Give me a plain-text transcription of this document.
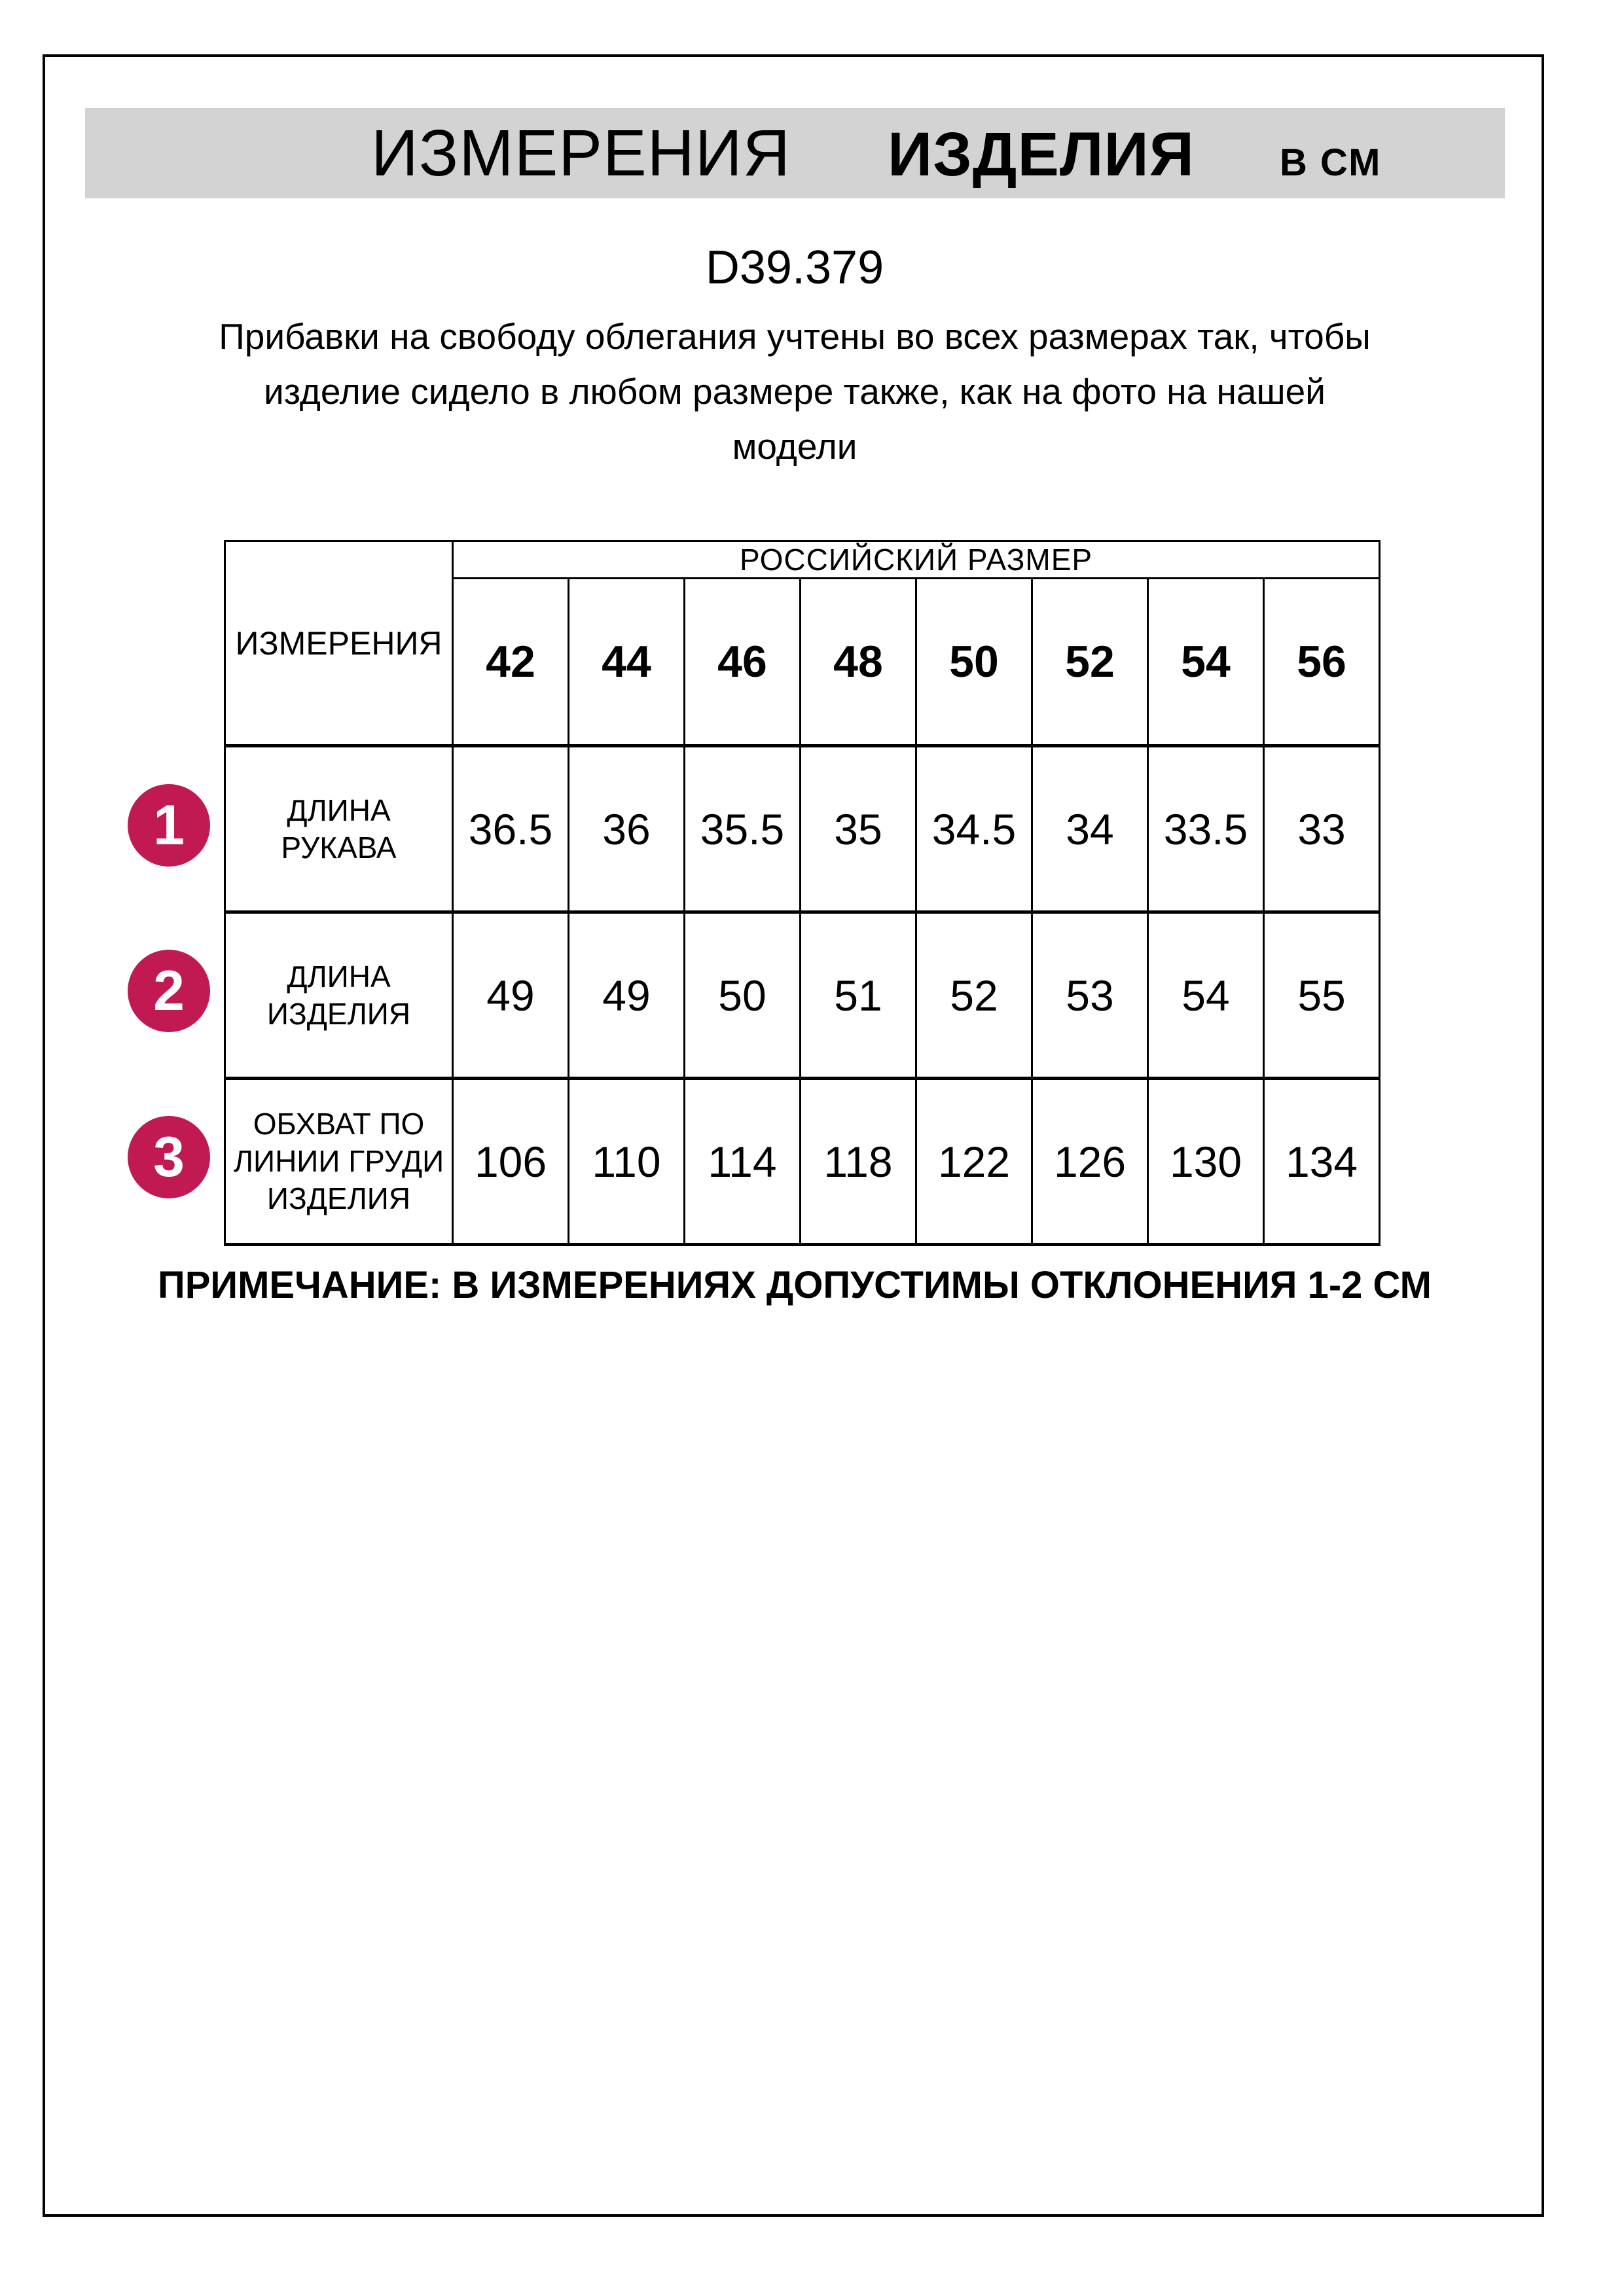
ИЗМЕРЕНИЯ ИЗДЕЛИЯ В СМ
D39.379
Прибавки на свободу облегания учтены во всех размерах так, чтобы
изделие сидело в любом размере также, как на фото на нашей
модели
ИЗМЕРЕНИЯ	РОССИЙСКИЙ РАЗМЕР							
	42	44	46	48	50	52	54	56

ДЛИНА РУКАВА	36.5	36	35.5	35	34.5	34	33.5	33

ДЛИНА
ИЗДЕЛИЯ	49	49	50	51	52	53	54	55

ОБХВАТ ПО
ЛИНИИ ГРУДИ
ИЗДЕЛИЯ	106	110	114	118	122	126	130	134
1
2
3
ПРИМЕЧАНИЕ: В ИЗМЕРЕНИЯХ ДОПУСТИМЫ ОТКЛОНЕНИЯ 1-2 СМ
